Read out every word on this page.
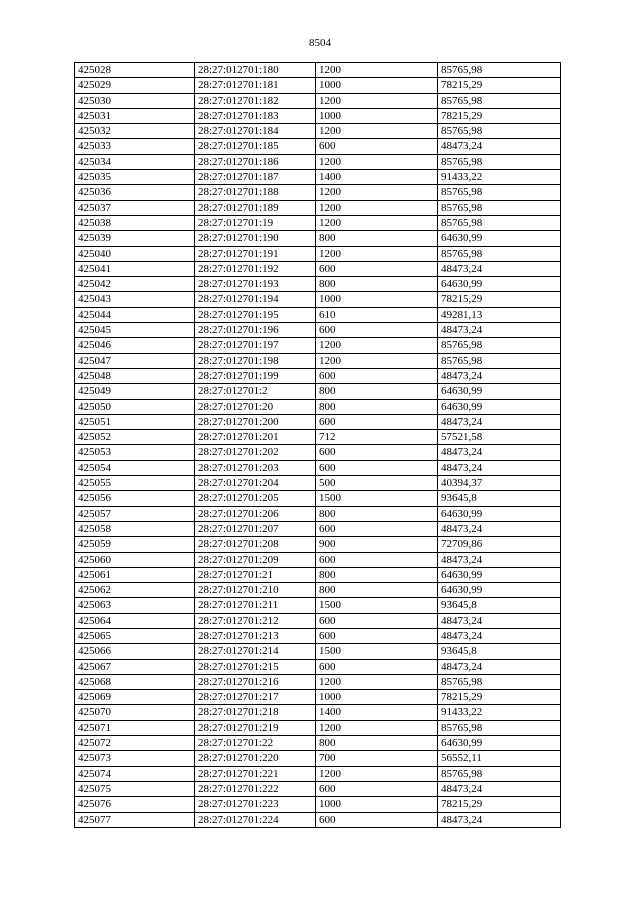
8504
425028	28:27:012701:180	1200	85765,98
425029	28:27:012701:181	1000	78215,29
425030	28:27:012701:182	1200	85765,98
425031	28:27:012701:183	1000	78215,29
425032	28:27:012701:184	1200	85765,98
425033	28:27:012701:185	600	48473,24
425034	28:27:012701:186	1200	85765,98
425035	28:27:012701:187	1400	91433,22
425036	28:27:012701:188	1200	85765,98
425037	28:27:012701:189	1200	85765,98
425038	28:27:012701:19	1200	85765,98
425039	28:27:012701:190	800	64630,99
425040	28:27:012701:191	1200	85765,98
425041	28:27:012701:192	600	48473,24
425042	28:27:012701:193	800	64630,99
425043	28:27:012701:194	1000	78215,29
425044	28:27:012701:195	610	49281,13
425045	28:27:012701:196	600	48473,24
425046	28:27:012701:197	1200	85765,98
425047	28:27:012701:198	1200	85765,98
425048	28:27:012701:199	600	48473,24
425049	28:27:012701:2	800	64630,99
425050	28:27:012701:20	800	64630,99
425051	28:27:012701:200	600	48473,24
425052	28:27:012701:201	712	57521,58
425053	28:27:012701:202	600	48473,24
425054	28:27:012701:203	600	48473,24
425055	28:27:012701:204	500	40394,37
425056	28:27:012701:205	1500	93645,8
425057	28:27:012701:206	800	64630,99
425058	28:27:012701:207	600	48473,24
425059	28:27:012701:208	900	72709,86
425060	28:27:012701:209	600	48473,24
425061	28:27:012701:21	800	64630,99
425062	28:27:012701:210	800	64630,99
425063	28:27:012701:211	1500	93645,8
425064	28:27:012701:212	600	48473,24
425065	28:27:012701:213	600	48473,24
425066	28:27:012701:214	1500	93645,8
425067	28:27:012701:215	600	48473,24
425068	28:27:012701:216	1200	85765,98
425069	28:27:012701:217	1000	78215,29
425070	28:27:012701:218	1400	91433,22
425071	28:27:012701:219	1200	85765,98
425072	28:27:012701:22	800	64630,99
425073	28:27:012701:220	700	56552,11
425074	28:27:012701:221	1200	85765,98
425075	28:27:012701:222	600	48473,24
425076	28:27:012701:223	1000	78215,29
425077	28:27:012701:224	600	48473,24
